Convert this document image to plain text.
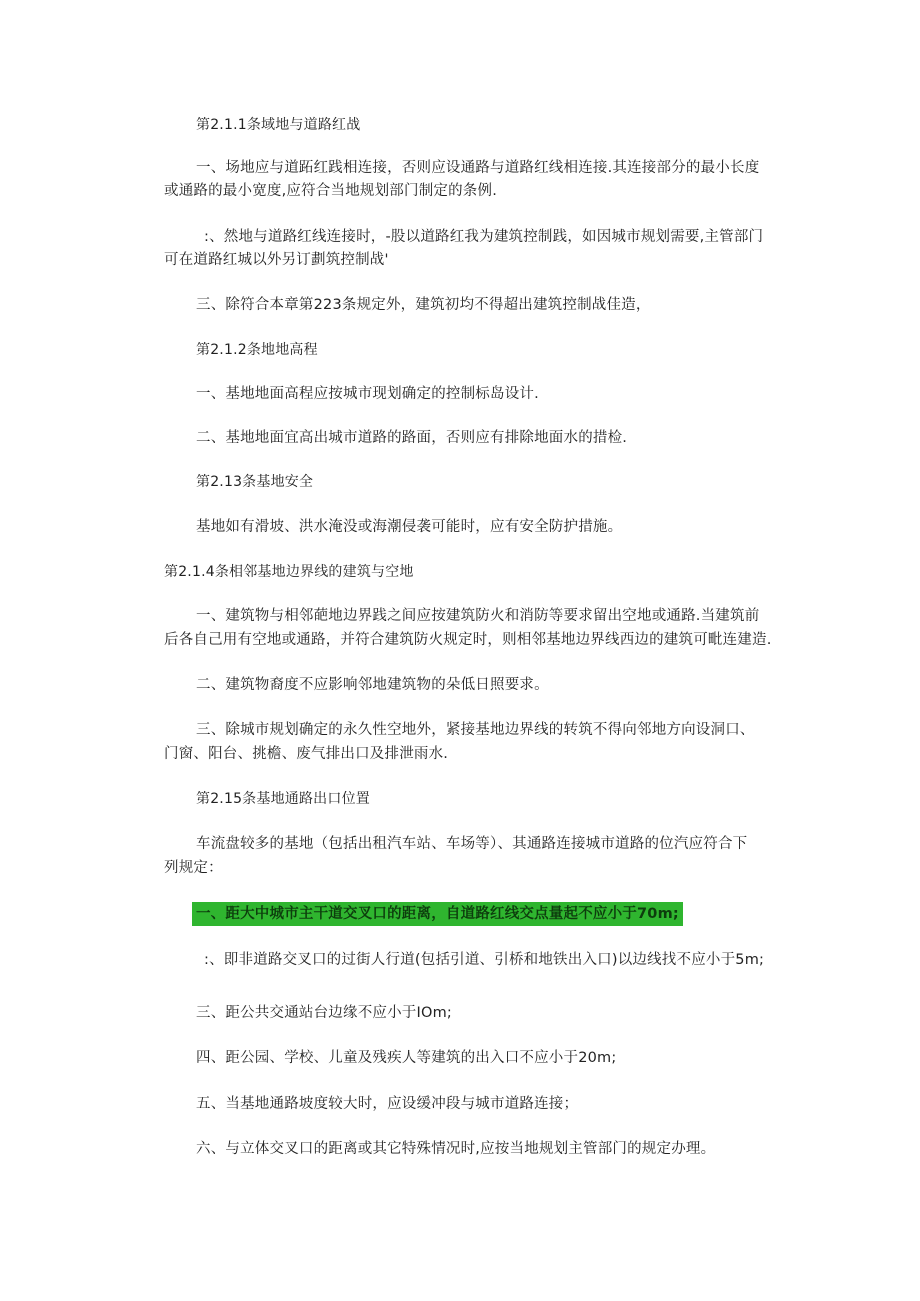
第2.1.1条域地与道路红战
一、场地应与道跖红践相连接，否则应设通路与道路红线相连接.其连接部分的最小长度
或通路的最小宽度,应符合当地规划部门制定的条例.
:、然地与道路红线连接时，-股以道路红我为建筑控制践，如因城市规划需要,主管部门
可在道路红城以外另订劃筑控制战'
三、除符合本章第223条规定外，建筑初均不得超出建筑控制战佳造，
第2.1.2条地地高程
一、基地地面高程应按城市现划确定的控制标岛设计.
二、基地地面宜高出城市道路的路面，否则应有排除地面水的措检.
第2.13条基地安全
基地如有滑坡、洪水淹没或海潮侵袭可能时，应有安全防护措施。
第2.1.4条相邻基地边界线的建筑与空地
一、建筑物与相邻葩地边界践之间应按建筑防火和消防等要求留出空地或通路.当建筑前
后各自己用有空地或通路，并符合建筑防火规定时，则相邻基地边界线西边的建筑可毗连建造.
二、建筑物裔度不应影响邻地建筑物的朵低日照要求。
三、除城市规划确定的永久性空地外，紧接基地边界线的转筑不得向邻地方向设洞口、
门窗、阳台、挑檐、废气排出口及排泄雨水.
第2.15条基地通路出口位置
车流盘较多的基地（包括出租汽车站、车场等）、其通路连接城市道路的位汽应符合下
列规定：
一、距大中城市主干道交叉口的距离，自道路红线交点量起不应小于70m;
:、即非道路交叉口的过街人行道(包括引道、引桥和地铁出入口)以边线找不应小于5m;
三、距公共交通站台边缘不应小于IOm;
四、距公园、学校、儿童及残疾人等建筑的出入口不应小于20m;
五、当基地通路坡度较大时，应设缓冲段与城市道路连接；
六、与立体交叉口的距离或其它特殊情况时,应按当地规划主管部门的规定办理。
